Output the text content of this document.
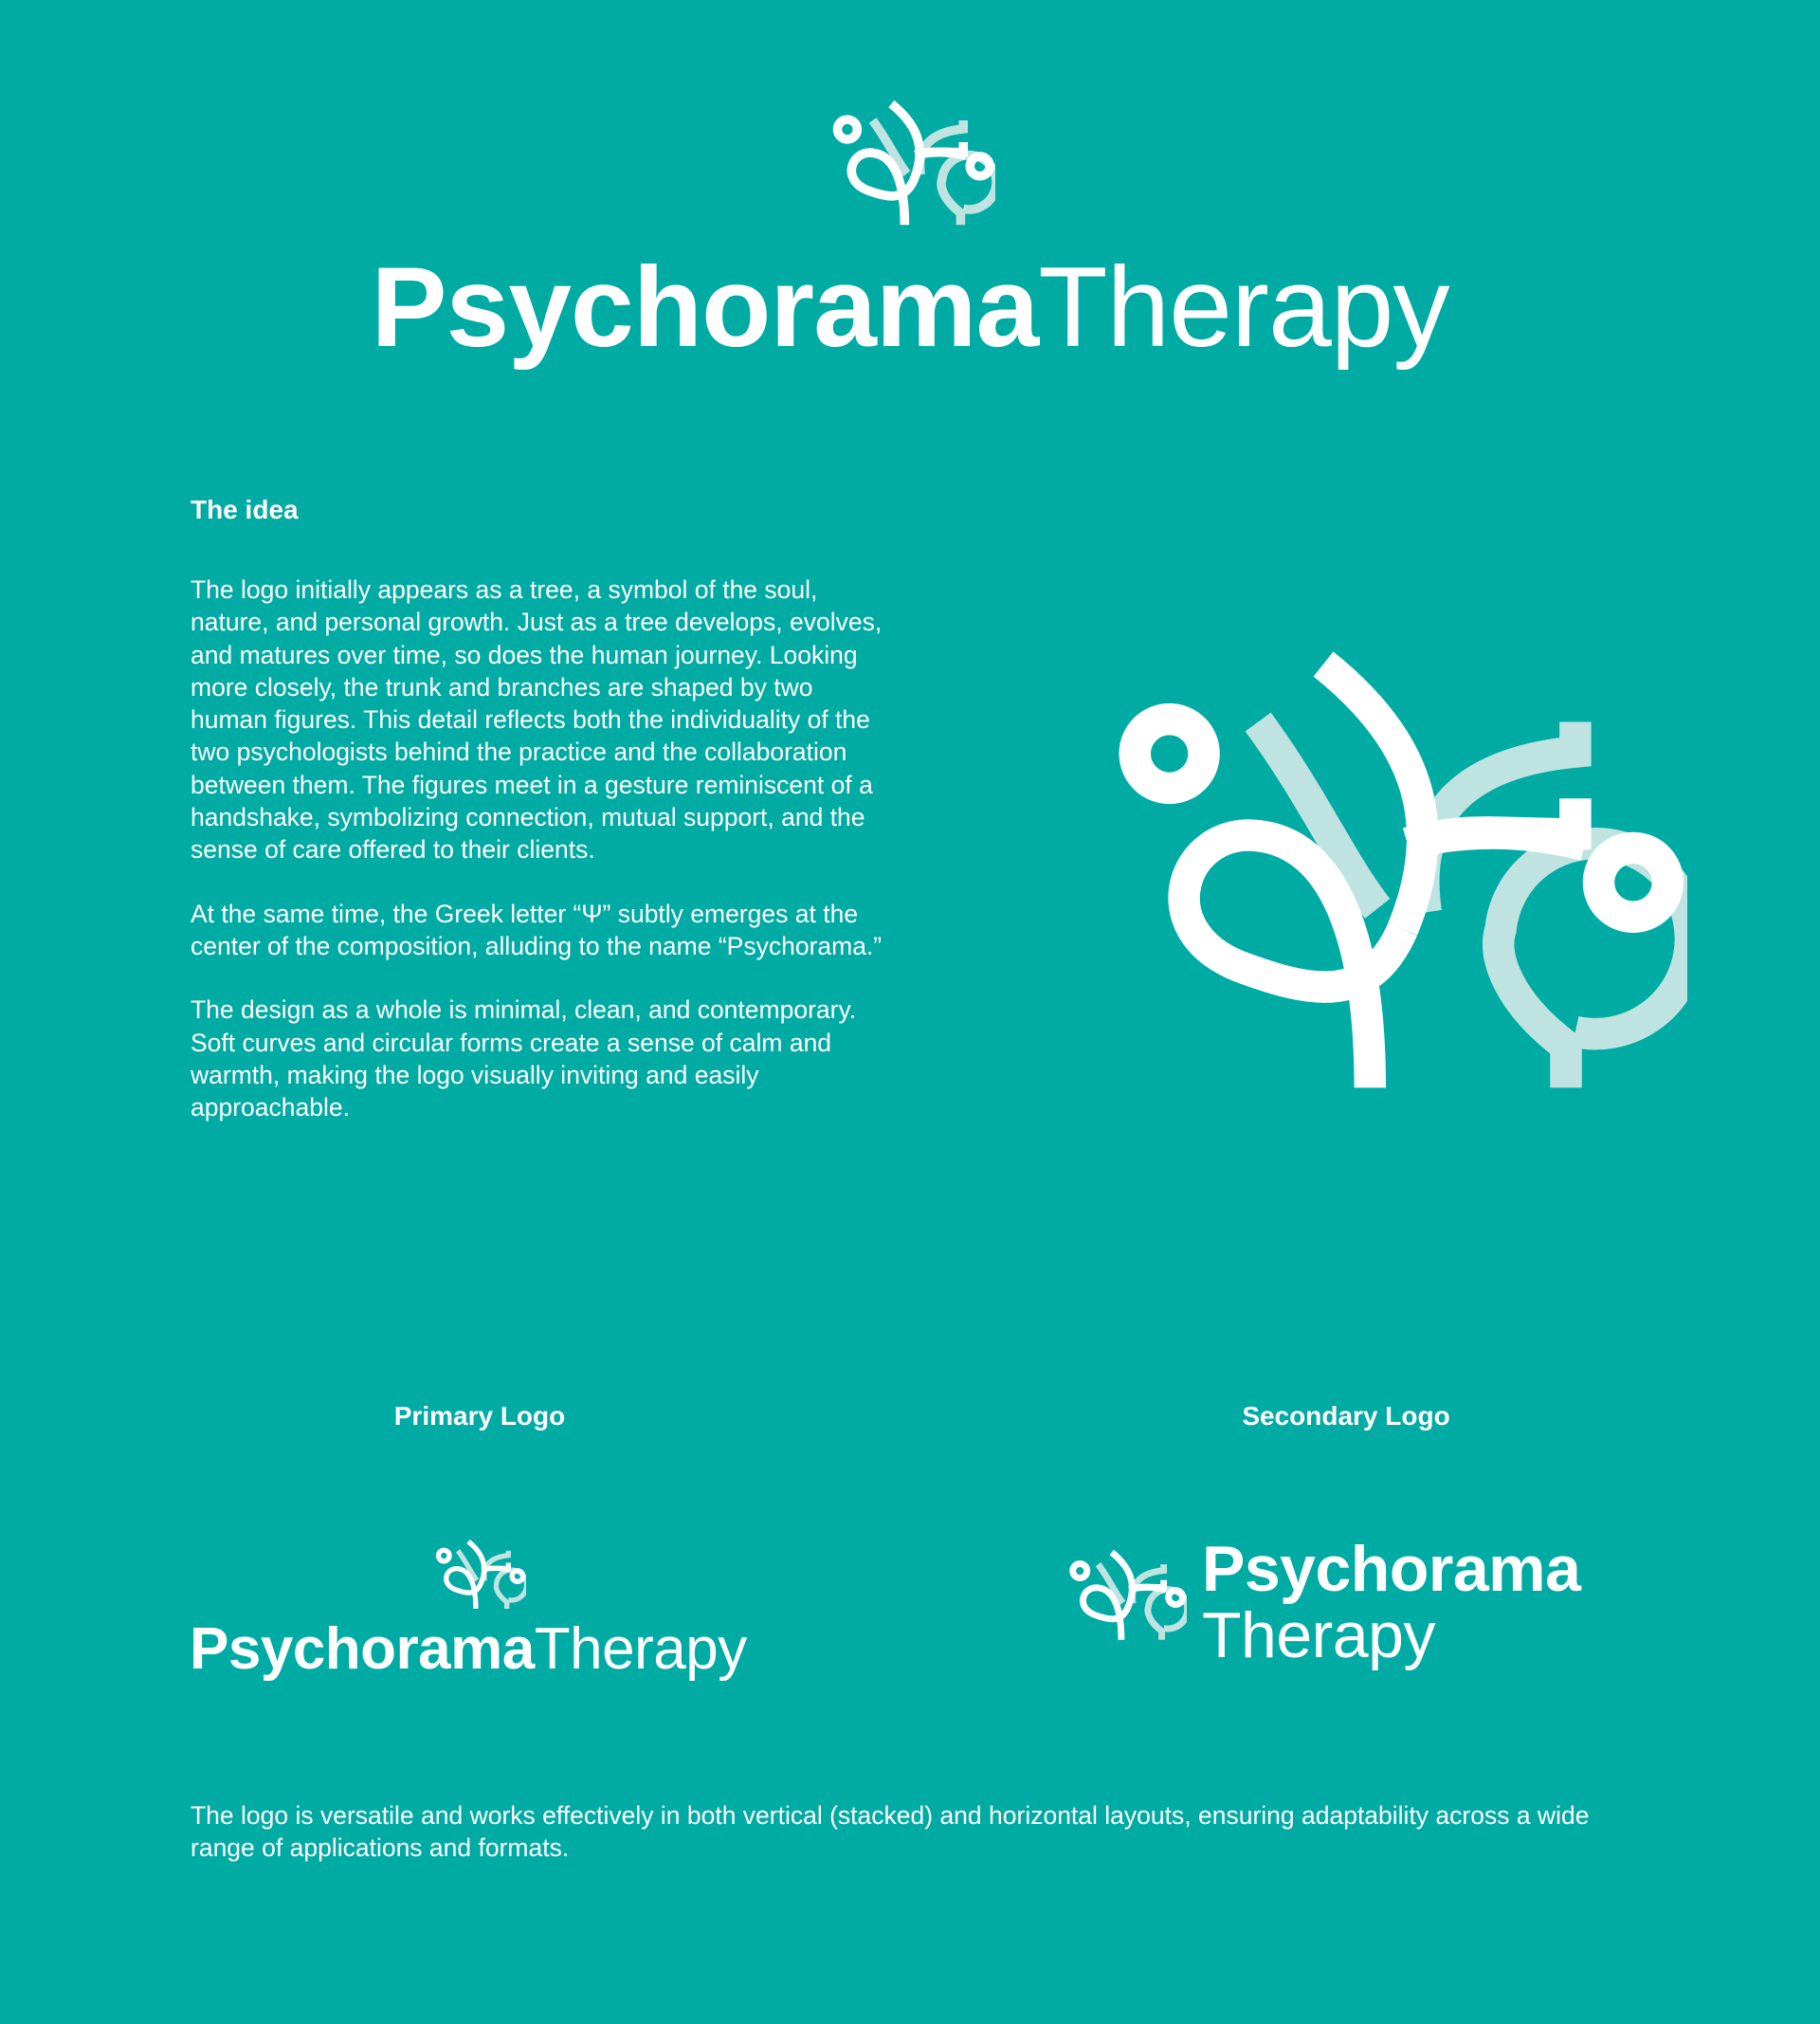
PsychoramaTherapy
The idea

The logo initially appears as a tree, a symbol of the soul, nature, and personal growth. Just as a tree develops, evolves, and matures over time, so does the human journey. Looking more closely, the trunk and branches are shaped by two human figures. This detail reflects both the individuality of the two psychologists behind the practice and the collaboration between them. The figures meet in a gesture reminiscent of a handshake, symbolizing connection, mutual support, and the sense of care offered to their clients.

At the same time, the Greek letter “Ψ” subtly emerges at the center of the composition, alluding to the name “Psychorama.”

The design as a whole is minimal, clean, and contemporary. Soft curves and circular forms create a sense of calm and warmth, making the logo visually inviting and easily approachable.

Primary Logo	Secondary Logo
PsychoramaTherapy
Psychorama
Therapy

The logo is versatile and works effectively in both vertical (stacked) and horizontal layouts, ensuring adaptability across a wide range of applications and formats.
